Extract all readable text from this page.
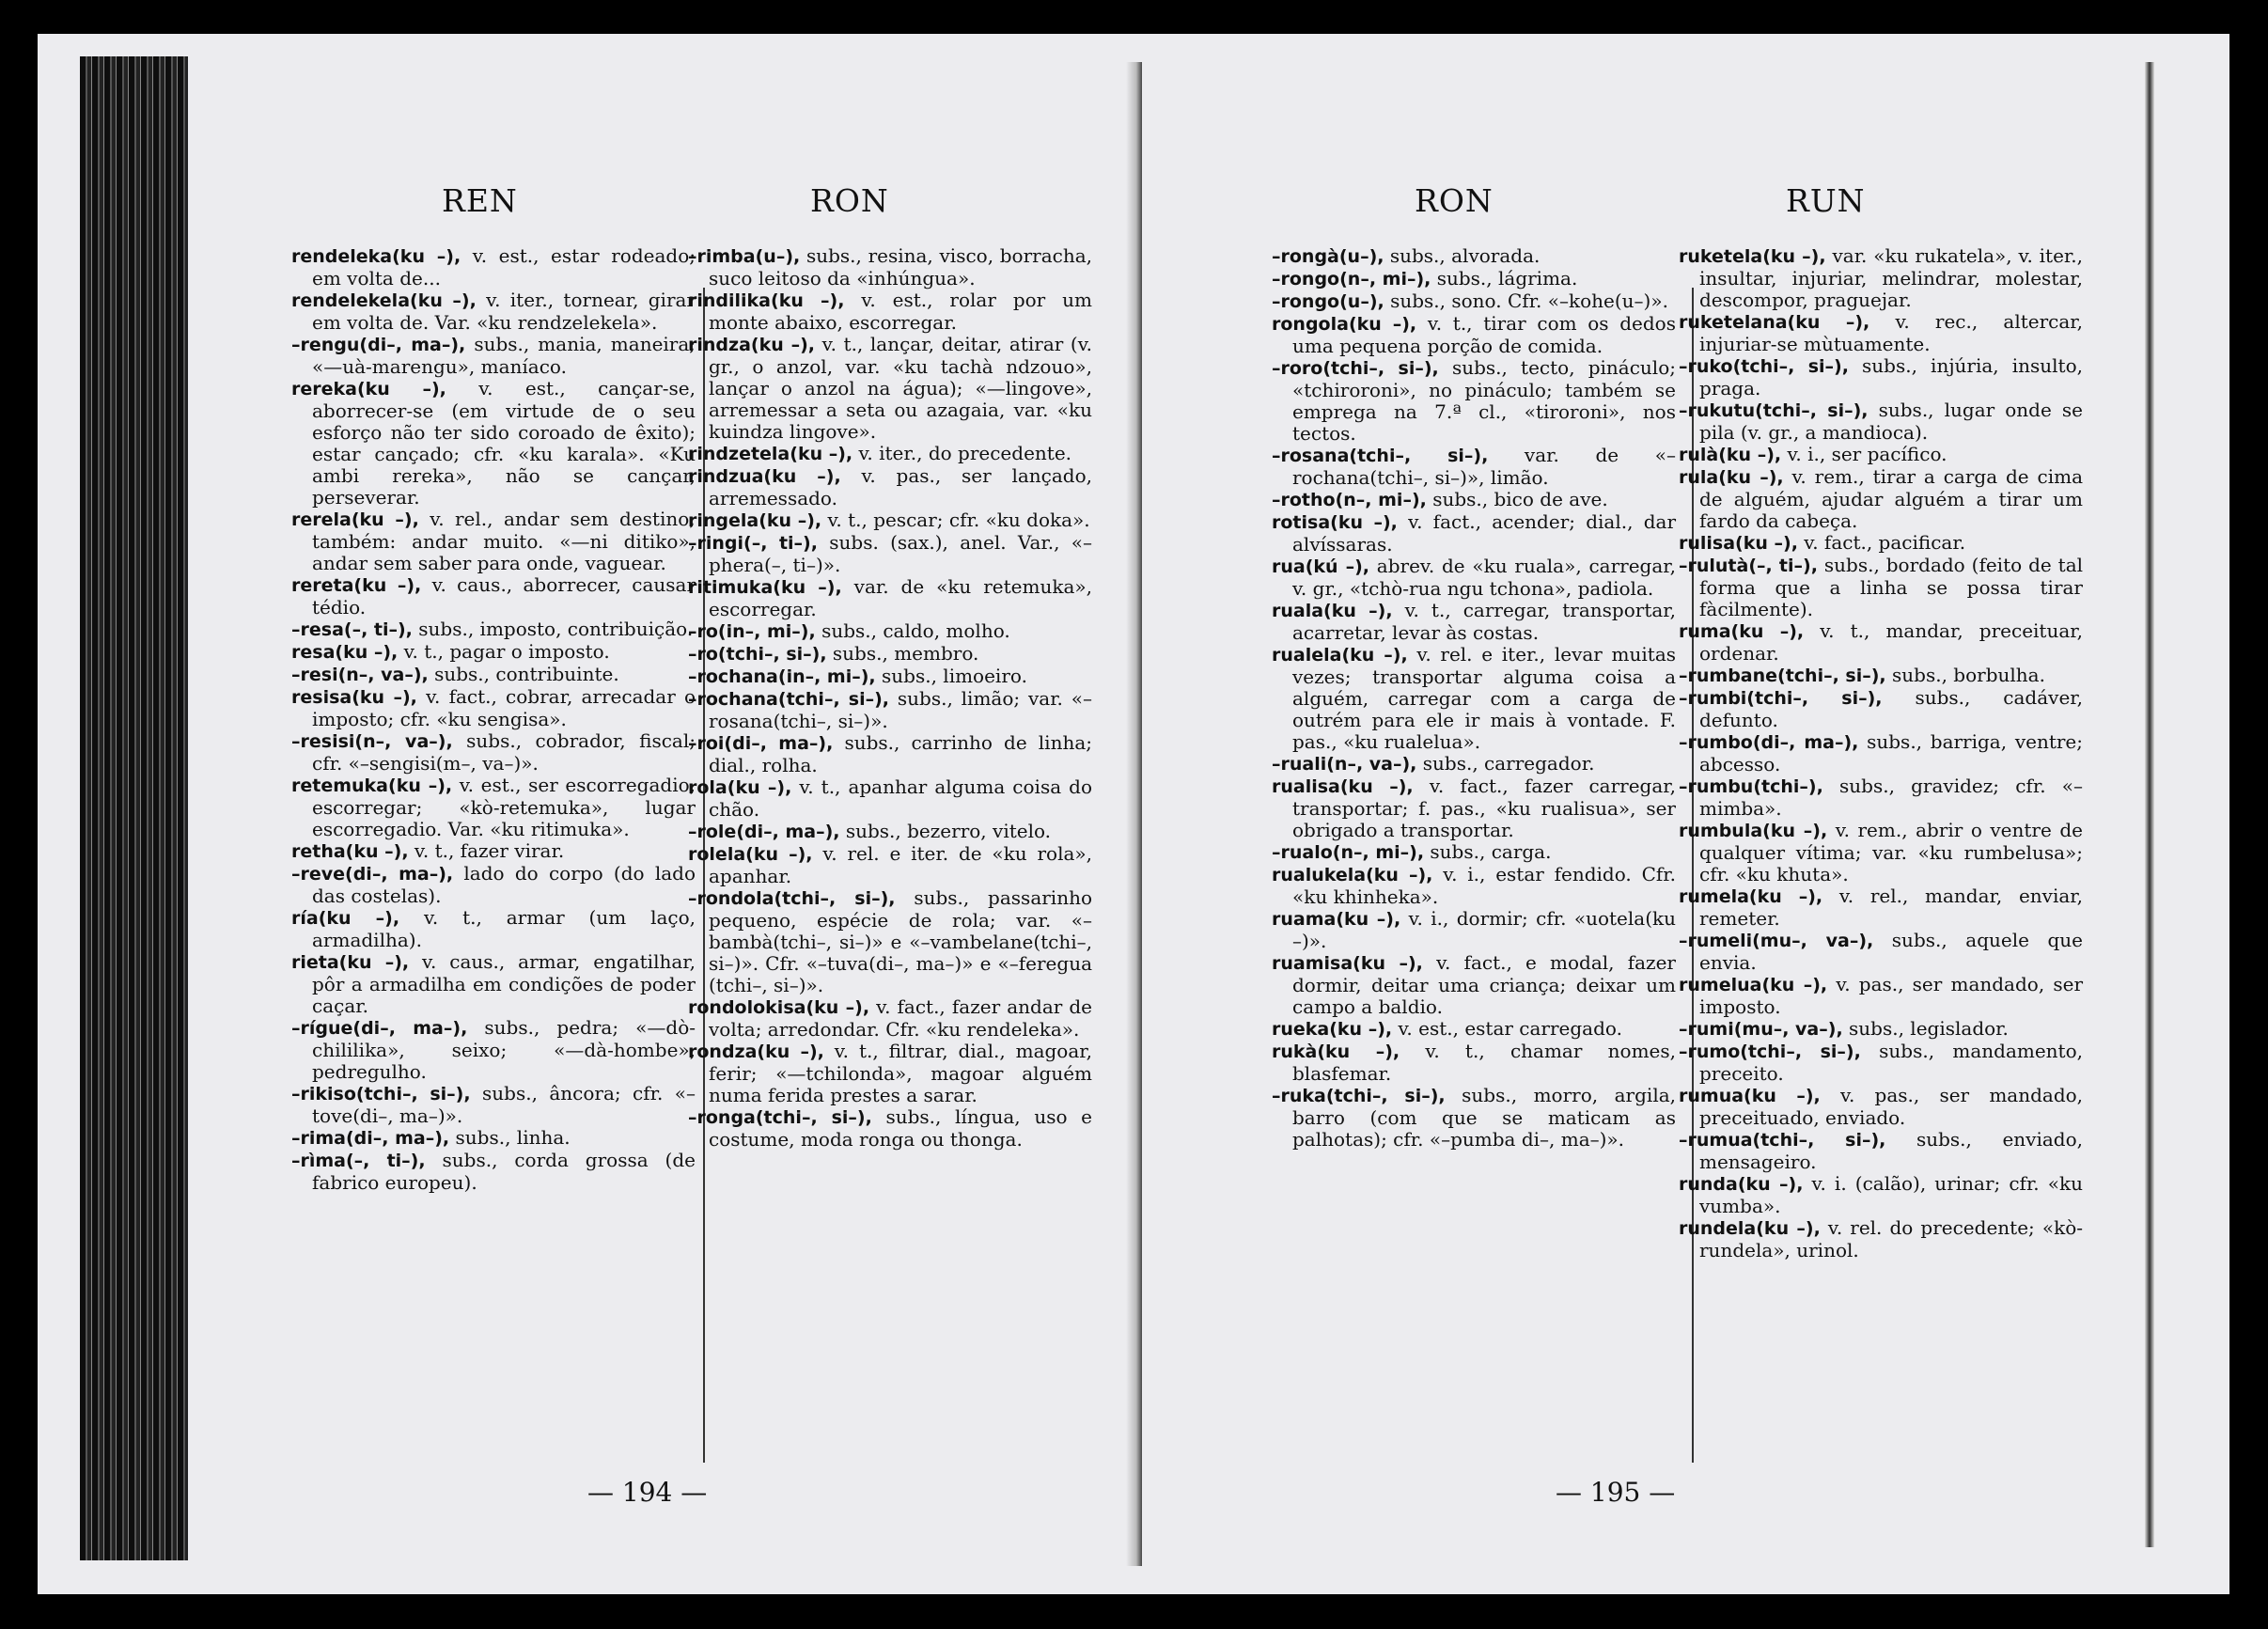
REN	RON

rendeleka(ku –), v. est., estar rodeado; em volta de...

rendelekela(ku –), v. iter., tornear, girar em volta de. Var. «ku rendzelekela».

–rengu(di–, ma–), subs., mania, maneira; «—uà-marengu», maníaco.

rereka(ku –), v. est., cançar-se, aborrecer-se (em virtude de o seu esforço não ter sido coroado de êxito); estar cançado; cfr. «ku karala». «Ku ambi rereka», não se cançar, perseverar.

rerela(ku –), v. rel., andar sem destino; também: andar muito. «—ni ditiko», andar sem saber para onde, vaguear.

rereta(ku –), v. caus., aborrecer, causar tédio.

–resa(–, ti–), subs., imposto, contribuição.

resa(ku –), v. t., pagar o imposto.

–resi(n–, va–), subs., contribuinte.

resisa(ku –), v. fact., cobrar, arrecadar o imposto; cfr. «ku sengisa».

–resisi(n–, va–), subs., cobrador, fiscal; cfr. «–sengisi(m–, va–)».

retemuka(ku –), v. est., ser escorregadio, escorregar; «kò-retemuka», lugar escorregadio. Var. «ku ritimuka».

retha(ku –), v. t., fazer virar.

–reve(di–, ma–), lado do corpo (do lado das costelas).

ría(ku –), v. t., armar (um laço, armadilha).

rieta(ku –), v. caus., armar, engatilhar, pôr a armadilha em condições de poder caçar.

–rígue(di–, ma–), subs., pedra; «—dò-chililika», seixo; «—dà-hombe», pedregulho.

–rikiso(tchi–, si–), subs., âncora; cfr. «–tove(di–, ma–)».

–rima(di–, ma–), subs., linha.

–rìma(–, ti–), subs., corda grossa (de fabrico europeu).

–rimba(u–), subs., resina, visco, borracha, suco leitoso da «inhúngua».

rindilika(ku –), v. est., rolar por um monte abaixo, escorregar.

rindza(ku –), v. t., lançar, deitar, atirar (v. gr., o anzol, var. «ku tachà ndzouo», lançar o anzol na água); «—lingove», arremessar a seta ou azagaia, var. «ku kuindza lingove».

rindzetela(ku –), v. iter., do precedente.

rindzua(ku –), v. pas., ser lançado, arremessado.

ringela(ku –), v. t., pescar; cfr. «ku doka».

–ringi(–, ti–), subs. (sax.), anel. Var., «–phera(–, ti–)».

ritimuka(ku –), var. de «ku retemuka», escorregar.

–ro(in–, mi–), subs., caldo, molho.

–ro(tchi–, si–), subs., membro.

–rochana(in–, mi–), subs., limoeiro.

–rochana(tchi–, si–), subs., limão; var. «–rosana(tchi–, si–)».

–roi(di–, ma–), subs., carrinho de linha; dial., rolha.

rola(ku –), v. t., apanhar alguma coisa do chão.

–role(di–, ma–), subs., bezerro, vitelo.

rolela(ku –), v. rel. e iter. de «ku rola», apanhar.

–rondola(tchi–, si–), subs., passarinho pequeno, espécie de rola; var. «–bambà(tchi–, si–)» e «–vambelane(tchi–, si–)». Cfr. «–tuva(di–, ma–)» e «–feregua (tchi–, si–)».

rondolokisa(ku –), v. fact., fazer andar de volta; arredondar. Cfr. «ku rendeleka».

rondza(ku –), v. t., filtrar, dial., magoar, ferir; «—tchilonda», magoar alguém numa ferida prestes a sarar.

–ronga(tchi–, si–), subs., língua, uso e costume, moda ronga ou thonga.

— 194 —
RON	RUN

–rongà(u–), subs., alvorada.

–rongo(n–, mi–), subs., lágrima.

–rongo(u–), subs., sono. Cfr. «–kohe(u–)».

rongola(ku –), v. t., tirar com os dedos uma pequena porção de comida.

–roro(tchi–, si–), subs., tecto, pináculo; «tchiroroni», no pináculo; também se emprega na 7.ª cl., «tiroroni», nos tectos.

–rosana(tchi–, si–), var. de «–rochana(tchi–, si–)», limão.

–rotho(n–, mi–), subs., bico de ave.

rotisa(ku –), v. fact., acender; dial., dar alvíssaras.

rua(kú –), abrev. de «ku ruala», carregar, v. gr., «tchò-rua ngu tchona», padiola.

ruala(ku –), v. t., carregar, transportar, acarretar, levar às costas.

rualela(ku –), v. rel. e iter., levar muitas vezes; transportar alguma coisa a alguém, carregar com a carga de outrém para ele ir mais à vontade. F. pas., «ku rualelua».

–ruali(n–, va–), subs., carregador.

rualisa(ku –), v. fact., fazer carregar, transportar; f. pas., «ku rualisua», ser obrigado a transportar.

–rualo(n–, mi–), subs., carga.

rualukela(ku –), v. i., estar fendido. Cfr. «ku khinheka».

ruama(ku –), v. i., dormir; cfr. «uotela(ku –)».

ruamisa(ku –), v. fact., e modal, fazer dormir, deitar uma criança; deixar um campo a baldio.

rueka(ku –), v. est., estar carregado.

rukà(ku –), v. t., chamar nomes, blasfemar.

–ruka(tchi–, si–), subs., morro, argila, barro (com que se maticam as palhotas); cfr. «–pumba di–, ma–)».

ruketela(ku –), var. «ku rukatela», v. iter., insultar, injuriar, melindrar, molestar, descompor, praguejar.

ruketelana(ku –), v. rec., altercar, injuriar-se mùtuamente.

–ruko(tchi–, si–), subs., injúria, insulto, praga.

–rukutu(tchi–, si–), subs., lugar onde se pila (v. gr., a mandioca).

rulà(ku –), v. i., ser pacífico.

rula(ku –), v. rem., tirar a carga de cima de alguém, ajudar alguém a tirar um fardo da cabeça.

rulisa(ku –), v. fact., pacificar.

–rulutà(–, ti–), subs., bordado (feito de tal forma que a linha se possa tirar fàcilmente).

ruma(ku –), v. t., mandar, preceituar, ordenar.

–rumbane(tchi–, si–), subs., borbulha.

–rumbi(tchi–, si–), subs., cadáver, defunto.

–rumbo(di–, ma–), subs., barriga, ventre; abcesso.

–rumbu(tchi–), subs., gravidez; cfr. «–mimba».

rumbula(ku –), v. rem., abrir o ventre de qualquer vítima; var. «ku rumbelusa»; cfr. «ku khuta».

rumela(ku –), v. rel., mandar, enviar, remeter.

–rumeli(mu–, va–), subs., aquele que envia.

rumelua(ku –), v. pas., ser mandado, ser imposto.

–rumi(mu–, va–), subs., legislador.

–rumo(tchi–, si–), subs., mandamento, preceito.

rumua(ku –), v. pas., ser mandado, preceituado, enviado.

–rumua(tchi–, si–), subs., enviado, mensageiro.

runda(ku –), v. i. (calão), urinar; cfr. «ku vumba».

rundela(ku –), v. rel. do precedente; «kò-rundela», urinol.

— 195 —
